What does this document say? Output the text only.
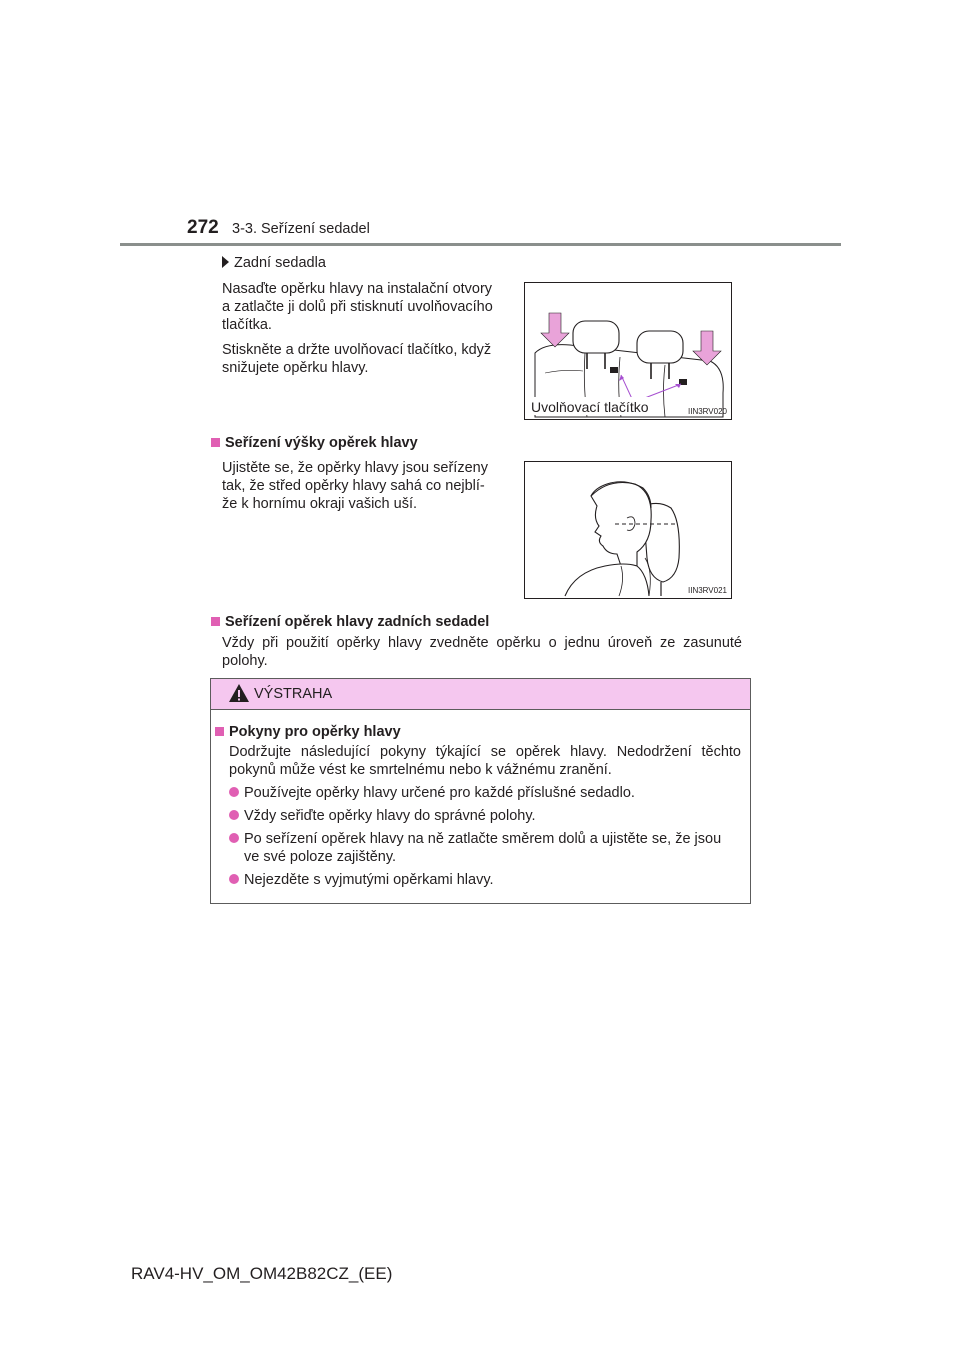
272 3-3. Seřízení sedadel
Zadní sedadla
Nasaďte opěrku hlavy na instalační otvory
a zatlačte ji dolů při stisknutí uvolňovacího
tlačítka.
Stiskněte a držte uvolňovací tlačítko, když
snižujete opěrku hlavy.
Uvolňovací tlačítko	IIN3RV020
Seřízení výšky opěrek hlavy
Ujistěte se, že opěrky hlavy jsou seřízeny
tak, že střed opěrky hlavy sahá co nejblí-
že k hornímu okraji vašich uší.
IIN3RV021
Seřízení opěrek hlavy zadních sedadel
Vždy při použití opěrky hlavy zvedněte opěrku o jednu úroveň ze zasunuté
polohy.
VÝSTRAHA
Pokyny pro opěrky hlavy
Dodržujte následující pokyny týkající se opěrek hlavy. Nedodržení těchto
pokynů může vést ke smrtelnému nebo k vážnému zranění.
Používejte opěrky hlavy určené pro každé příslušné sedadlo.
Vždy seřiďte opěrky hlavy do správné polohy.
Po seřízení opěrek hlavy na ně zatlačte směrem dolů a ujistěte se, že jsou
ve své poloze zajištěny.
Nejezděte s vyjmutými opěrkami hlavy.
RAV4-HV_OM_OM42B82CZ_(EE)
